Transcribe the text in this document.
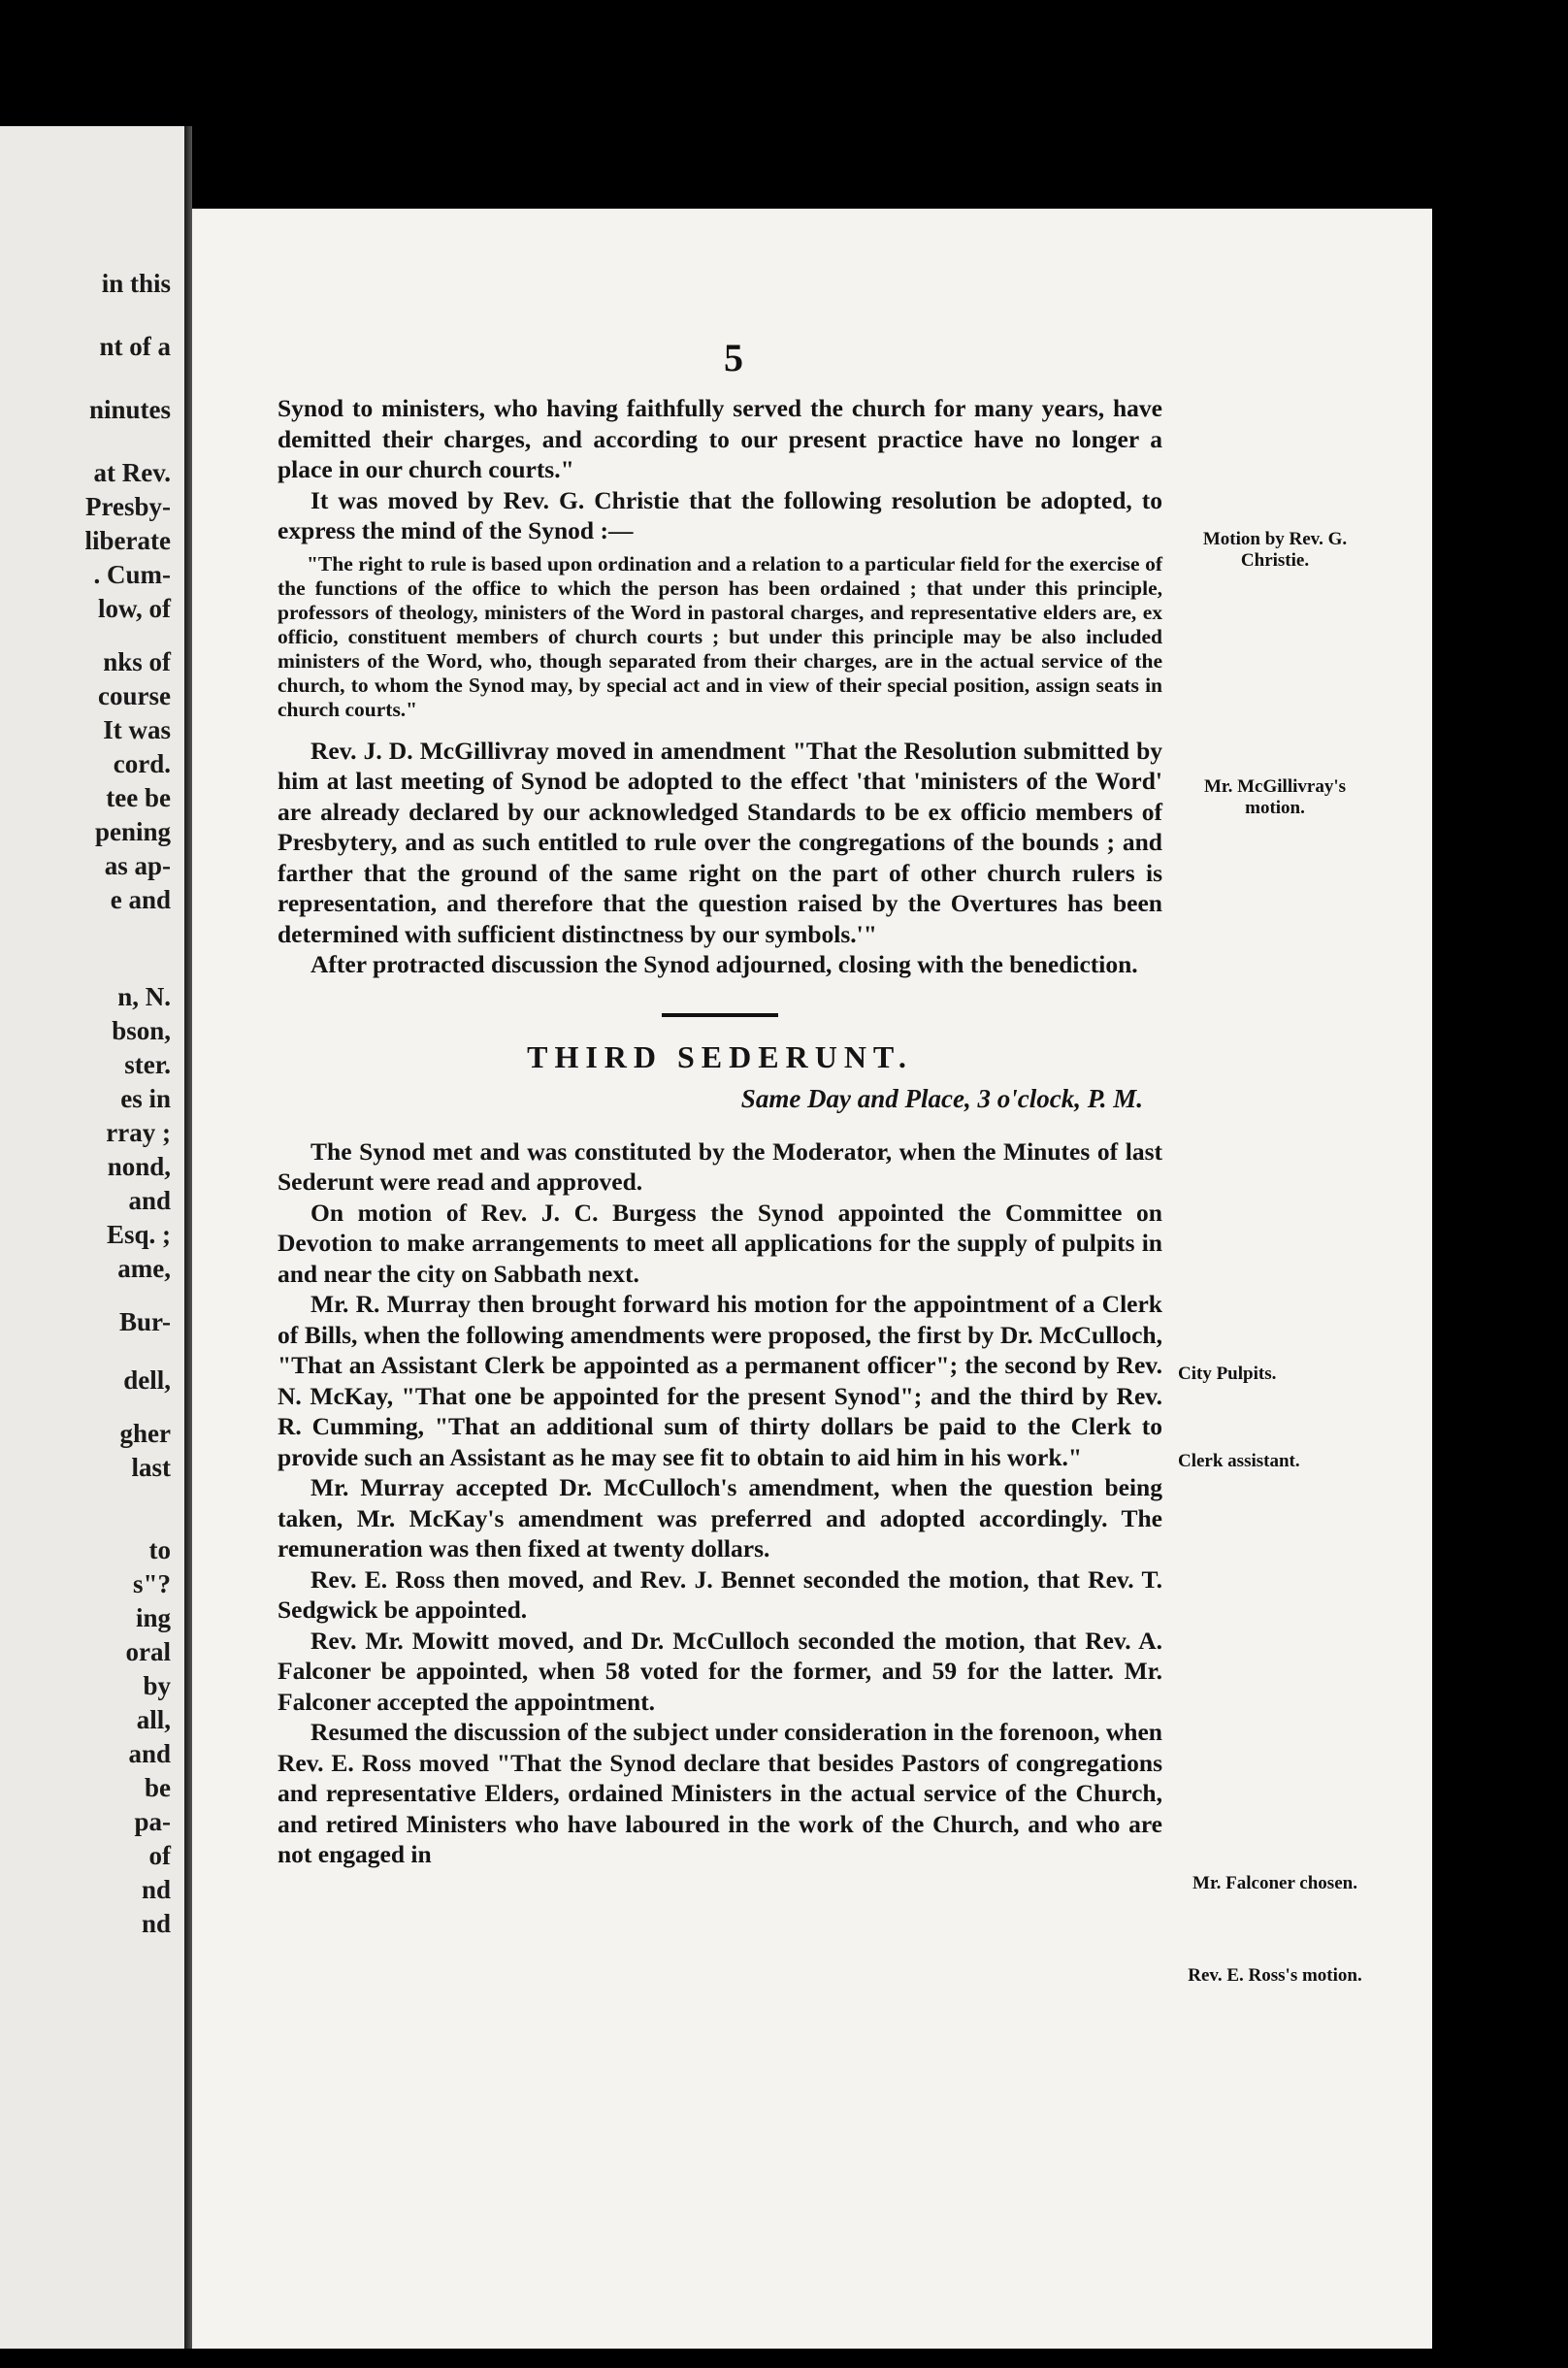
in this
nt of a
ninutes
at Rev.
Presby-
liberate
. Cum-
low, of
nks of
course
It was
cord.
tee be
pening
as ap-
e and
n, N.
bson,
ster.
es in
rray ;
nond,
and
Esq. ;
ame,
Bur-
dell,
gher
last
to
s"?
ing
oral
by
all,
and
be
pa-
of
nd
nd
5

Synod to ministers, who having faithfully served the church for many years, have demitted their charges, and according to our present practice have no longer a place in our church courts."

It was moved by Rev. G. Christie that the following resolution be adopted, to express the mind of the Synod :—

"The right to rule is based upon ordination and a relation to a particular field for the exercise of the functions of the office to which the person has been ordained ; that under this principle, professors of theology, ministers of the Word in pastoral charges, and representative elders are, ex officio, constituent members of church courts ; but under this principle may be also included ministers of the Word, who, though separated from their charges, are in the actual service of the church, to whom the Synod may, by special act and in view of their special position, assign seats in church courts."

Rev. J. D. McGillivray moved in amendment "That the Resolution submitted by him at last meeting of Synod be adopted to the effect 'that 'ministers of the Word' are already declared by our acknowledged Standards to be ex officio members of Presbytery, and as such entitled to rule over the congregations of the bounds ; and farther that the ground of the same right on the part of other church rulers is representation, and therefore that the question raised by the Overtures has been determined with sufficient distinctness by our symbols.'"

After protracted discussion the Synod adjourned, closing with the benediction.

THIRD SEDERUNT.
Same Day and Place, 3 o'clock, P. M.

The Synod met and was constituted by the Moderator, when the Minutes of last Sederunt were read and approved.

On motion of Rev. J. C. Burgess the Synod appointed the Committee on Devotion to make arrangements to meet all applications for the supply of pulpits in and near the city on Sabbath next.

Mr. R. Murray then brought forward his motion for the appointment of a Clerk of Bills, when the following amendments were proposed, the first by Dr. McCulloch, "That an Assistant Clerk be appointed as a permanent officer"; the second by Rev. N. McKay, "That one be appointed for the present Synod"; and the third by Rev. R. Cumming, "That an additional sum of thirty dollars be paid to the Clerk to provide such an Assistant as he may see fit to obtain to aid him in his work."

Mr. Murray accepted Dr. McCulloch's amendment, when the question being taken, Mr. McKay's amendment was preferred and adopted accordingly. The remuneration was then fixed at twenty dollars.

Rev. E. Ross then moved, and Rev. J. Bennet seconded the motion, that Rev. T. Sedgwick be appointed.

Rev. Mr. Mowitt moved, and Dr. McCulloch seconded the motion, that Rev. A. Falconer be appointed, when 58 voted for the former, and 59 for the latter. Mr. Falconer accepted the appointment.

Resumed the discussion of the subject under consideration in the forenoon, when Rev. E. Ross moved "That the Synod declare that besides Pastors of congregations and representative Elders, ordained Ministers in the actual service of the Church, and retired Ministers who have laboured in the work of the Church, and who are not engaged in

Motion by Rev. G. Christie.
Mr. McGillivray's motion.
City Pulpits.
Clerk assistant.
Mr. Falconer chosen.
Rev. E. Ross's motion.
